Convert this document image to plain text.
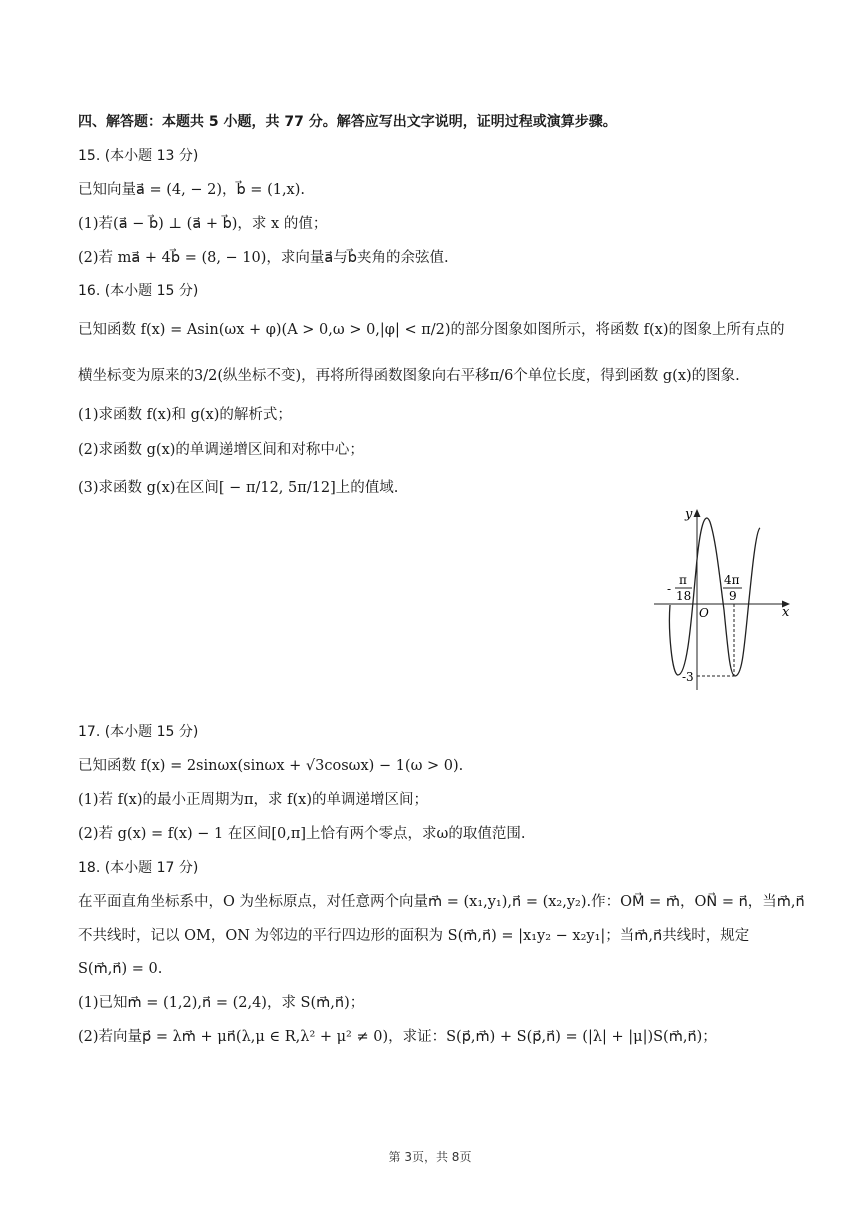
四、解答题：本题共 5 小题，共 77 分。解答应写出文字说明，证明过程或演算步骤。
15. (本小题 13 分)
已知向量a⃗ = (4, − 2)，b⃗ = (1,x).
(1)若(a⃗ − b⃗) ⊥ (a⃗ + b⃗)，求 x 的值；
(2)若 ma⃗ + 4b⃗ = (8, − 10)，求向量a⃗与b⃗夹角的余弦值.
16. (本小题 15 分)
已知函数 f(x) = Asin(ωx + φ)(A > 0,ω > 0,|φ| < π/2)的部分图象如图所示，将函数 f(x)的图象上所有点的
横坐标变为原来的3/2(纵坐标不变)，再将所得函数图象向右平移π/6个单位长度，得到函数 g(x)的图象.
(1)求函数 f(x)和 g(x)的解析式；
(2)求函数 g(x)的单调递增区间和对称中心；
(3)求函数 g(x)在区间[ − π/12, 5π/12]上的值域.
x
y
O
-
π
18
4π
9
-3
17. (本小题 15 分)
已知函数 f(x) = 2sinωx(sinωx + √3cosωx) − 1(ω > 0).
(1)若 f(x)的最小正周期为π，求 f(x)的单调递增区间；
(2)若 g(x) = f(x) − 1 在区间[0,π]上恰有两个零点，求ω的取值范围.
18. (本小题 17 分)
在平面直角坐标系中，O 为坐标原点，对任意两个向量m⃗ = (x₁,y₁),n⃗ = (x₂,y₂).作：OM⃗ = m⃗，ON⃗ = n⃗，当m⃗,n⃗
不共线时，记以 OM，ON 为邻边的平行四边形的面积为 S(m⃗,n⃗) = |x₁y₂ − x₂y₁|；当m⃗,n⃗共线时，规定
S(m⃗,n⃗) = 0.
(1)已知m⃗ = (1,2),n⃗ = (2,4)，求 S(m⃗,n⃗)；
(2)若向量p⃗ = λm⃗ + μn⃗(λ,μ ∈ R,λ² + μ² ≠ 0)，求证：S(p⃗,m⃗) + S(p⃗,n⃗) = (|λ| + |μ|)S(m⃗,n⃗)；
第 3页，共 8页
